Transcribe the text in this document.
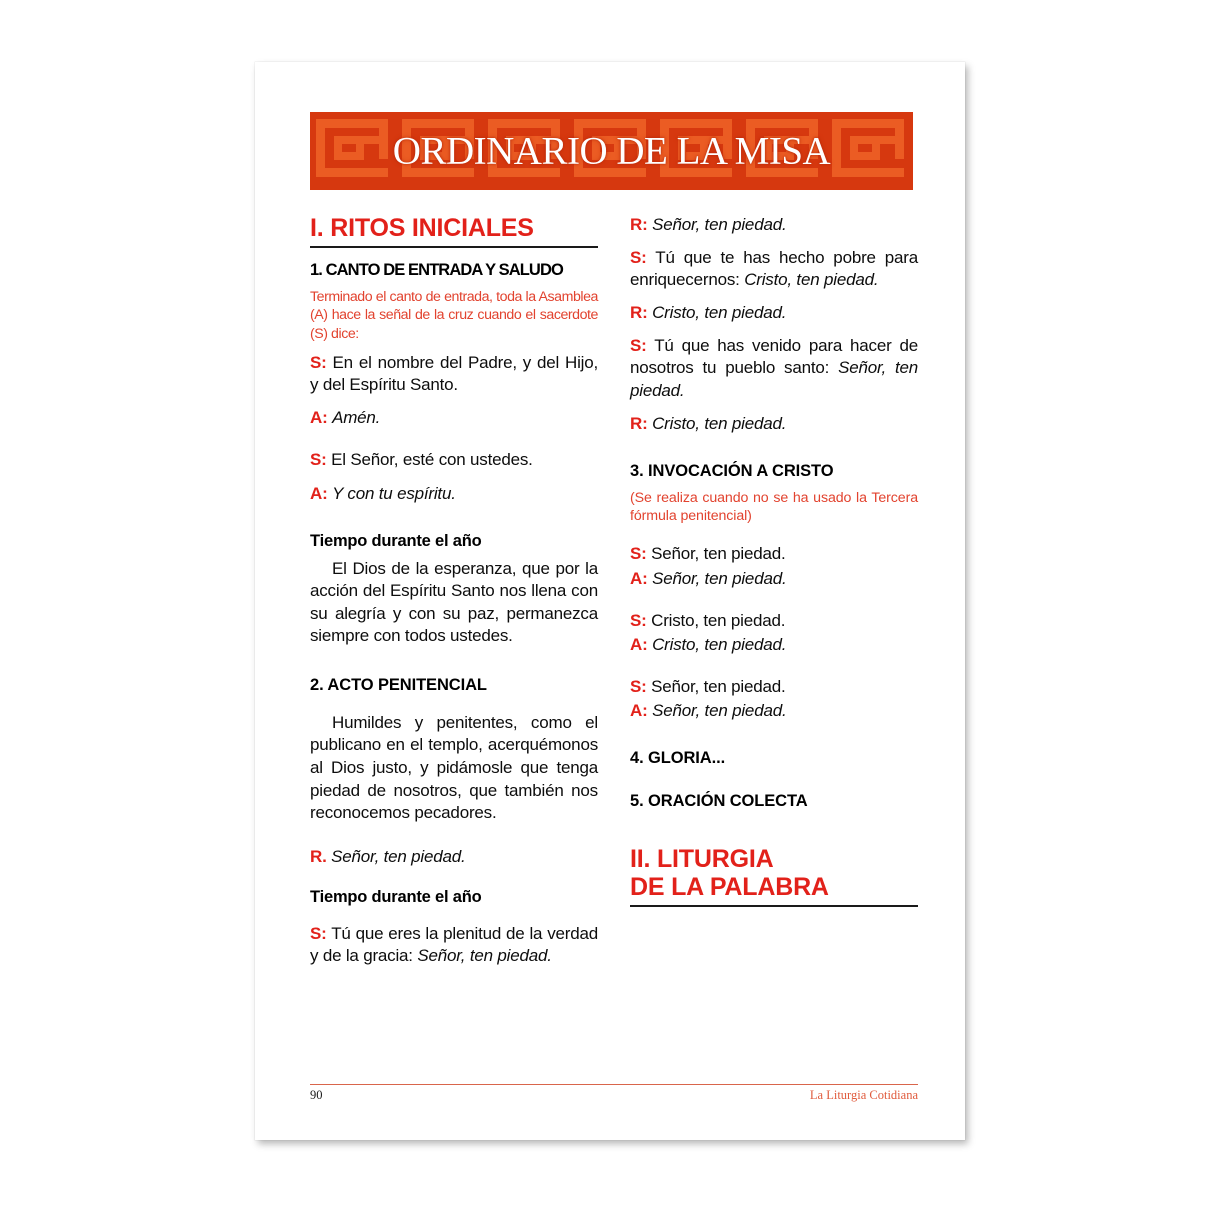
ORDINARIO DE LA MISA
I. RITOS INICIALES
1. CANTO DE ENTRADA Y SALUDO
Terminado el canto de entrada, toda la Asamblea (A) hace la señal de la cruz cuando el sacerdote (S) dice:

S: En el nombre del Padre, y del Hijo, y del Espíritu Santo.

A: Amén.

S: El Señor, esté con ustedes.

A: Y con tu espíritu.

Tiempo durante el año

El Dios de la esperanza, que por la acción del Espíritu Santo nos llena con su alegría y con su paz, permanezca siempre con todos ustedes.

2. ACTO PENITENCIAL

Humildes y penitentes, como el publicano en el templo, acerquémonos al Dios justo, y pidámosle que tenga piedad de nosotros, que también nos reconocemos pecadores.

R. Señor, ten piedad.

Tiempo durante el año

S: Tú que eres la plenitud de la verdad y de la gracia: Señor, ten piedad.

R: Señor, ten piedad.

S: Tú que te has hecho pobre para enriquecernos: Cristo, ten piedad.

R: Cristo, ten piedad.

S: Tú que has venido para hacer de nosotros tu pueblo santo: Señor, ten piedad.

R: Cristo, ten piedad.

3. INVOCACIÓN A CRISTO
(Se realiza cuando no se ha usado la Tercera fórmula penitencial)

S: Señor, ten piedad.

A: Señor, ten piedad.

S: Cristo, ten piedad.

A: Cristo, ten piedad.

S: Señor, ten piedad.

A: Señor, ten piedad.

4. GLORIA...
5. ORACIÓN COLECTA
II. LITURGIA
DE LA PALABRA
90	La Liturgia Cotidiana
